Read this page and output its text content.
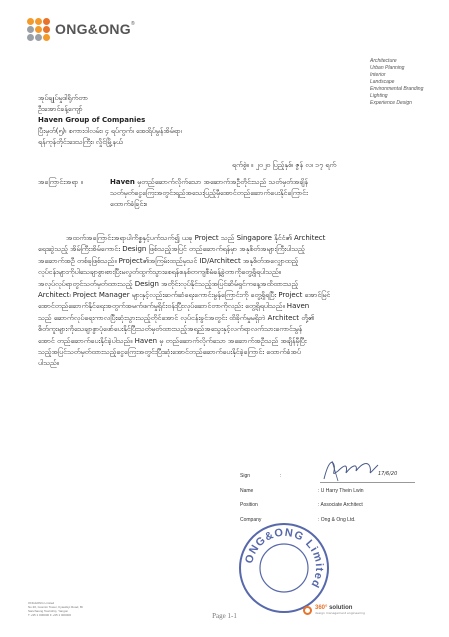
ONG&ONG®
Architecture
Urban Planning
Interior
Landscape
Environmental Branding
Lighting
Experience Design
အုပ်ချုပ်မှုဒါရိုက်တာ
ဦးအောင်ခန့်ကျော်
Haven Group of Companies
ပြီးမှတ်(၅)၊ စကားဝါလမ်း၊ ၄ ရပ်ကွက်၊ အေးရိပ်မွန်အိမ်ရာ၊
ရန်ကုန်တိုင်းဒေသကြီး၊ လှိုင်မြို့နယ်
ရက်စွဲ။ ။ ၂၀၂၀ ပြည့်နှစ်၊ ဇွန် လ၊ ၁၇ ရက်
အကြောင်းအရာ ။	Haven မှတည်ဆောက်လိုက်သော အဆောက်အဦတိုင်းသည် သတ်မှတ်အချိန်
သတ်မှတ်ငွေကြေးအတွင်းရည်အသေးပြည့်မှီအောင်တည်ဆောက်ပေးနိုင်ကြောင်း
ထောက်ခံခြင်း။
အထက်အကြောင်းအရာပါကိစ္စနှင့်ပက်သက်၍ ယခု Project သည် Singapore နိုင်ငံ၏ Architect
ရေးဆွဲသည့် အိမ်ကြီးအိမ်ကောင်း Design ဖြစ်သည့်အပြင် တည်ဆောက်ရန်မှာ အနုစိတ်အများကြီးပါသည့်
အဆောက်အဦ တစ်ခုဖြစ်သည်။ Project၏အကြမ်းထည်မှသင် ID/Architect အနုစိတ်အလျှောထည့်
လုပ်ငန်းများကိုပါသေချာစွာ၊စားပြီးမလွတ်ထွက်သွားစေရန်စနစ်တကျစီမံခန့်ခွဲတာကိုတွေ့ရှိရပါသည်။
အလုပ်လုပ်ရာတွင်သတ်မှတ်ထားသည့် Design အတိုင်းလုပ်နိုင်သည့်အပြင်ဆိမ်ရှင်ကနေ့အထိထားသည့်
Architect၊ Project Manager များနှင့်လည်းဆက်ဆံရေးကောင်းမွန်ကြောင်းကို တွေ့ရှိရပြီး Project အောင်မြင်
အောင်တည်ဆောက်နိုင်ရေးအတွက်အမက်ဖက်မှုရှိင်းဝန်းပြီးလုပ်ဆောင်တာကိုလည်း တွေ့ရှိရပါသည်။ Haven
သည် ဆောက်လုပ်ရေးကာလပြီးဆုံးသွားသည့်တိုင်အောင် လုပ်ငန်းခွင်အတွင်း ထိခိုက်မှုမရှိဘဲ Architect တို့၏
စိတ်ကူးများကိုသေချာစွာပုံဖော်ပေးနိုင်ပြီးသတ်မှတ်ထားသည့်အရည်အသွေးနှင့်လက်ရာလက်သားကောင်းမွန်
အောင် တည်ဆောက်ပေးနိုင်ခဲ့ပါသည်။ Haven မှ တည်ဆောက်လိုက်သော အဆောက်အဦသည် အချိန်မှီပြီး
သည့်အပြင်သတ်မှတ်ထားသည့်ငွေကြေးအတွင်းပြီးဆုံးအောင်တည်ဆောက်ပေးနိုင်ခဲ့ကြောင်း ထောက်ခံအပ်
ပါသည်။
17/6/20
Sign	:
Name	: U Harry Thein Lwin
Position	: Associate Architect
Company	: Ong & Ong Ltd.
ONG&ONG Limited
ONG&ONG Limited
No.30, Gosmin Tower, Kyaukkyi Road, Bt
Sanchaung Township, Yangon
T +95 1 000000 F +95 1 000000	Page 1-1
360° solution
design management engineering
